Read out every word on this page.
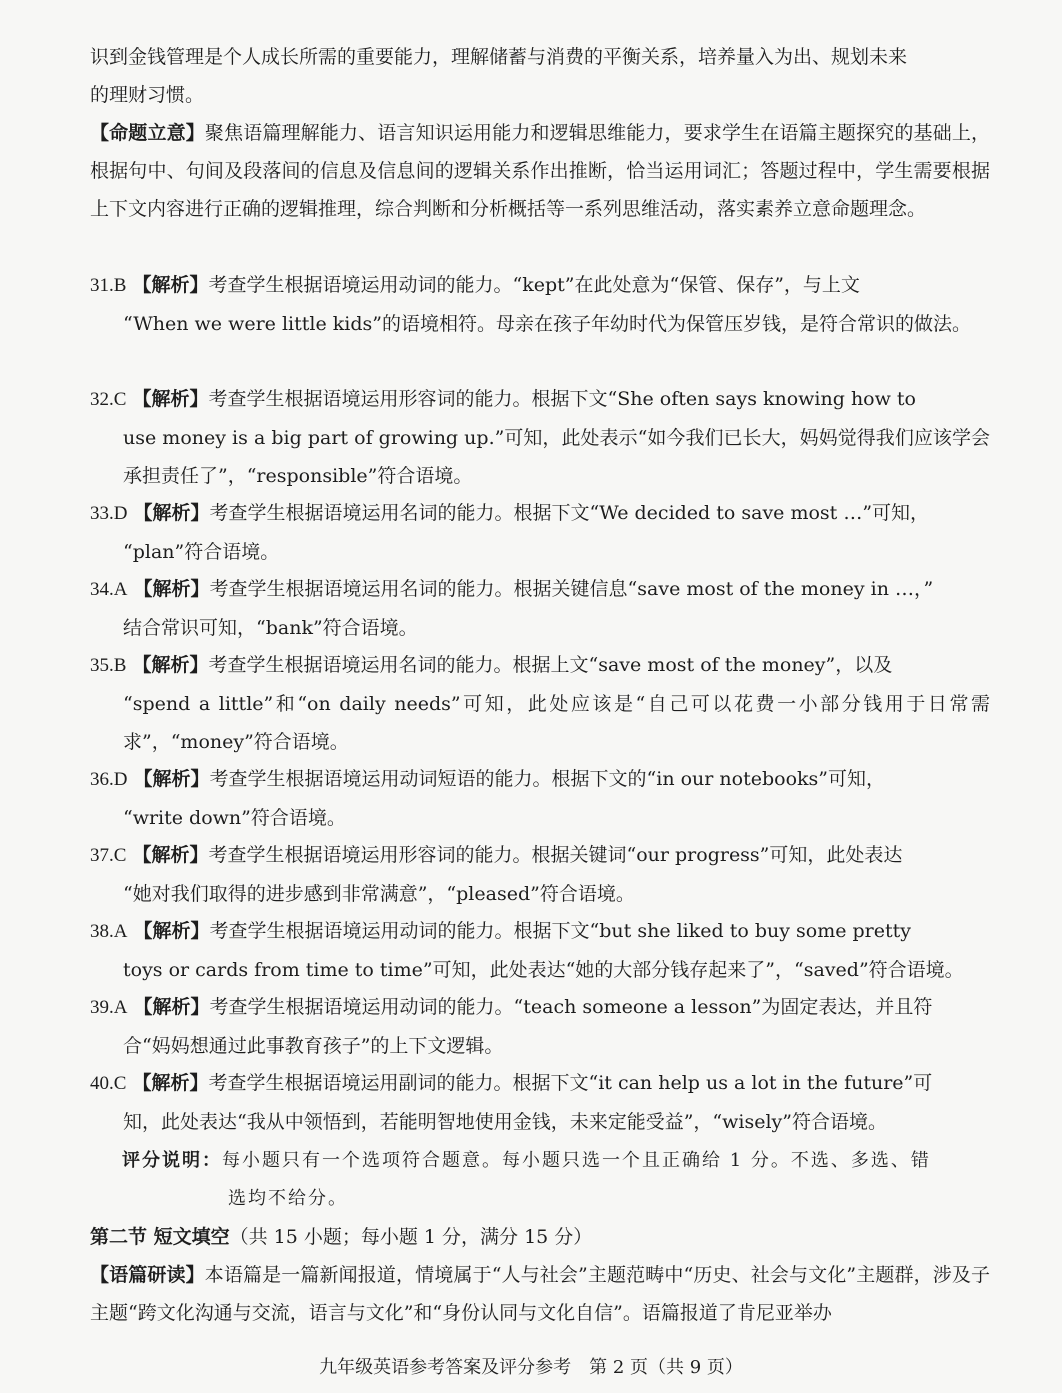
识到金钱管理是个人成长所需的重要能力，理解储蓄与消费的平衡关系，培养量入为出、规划未来
的理财习惯。
【命题立意】聚焦语篇理解能力、语言知识运用能力和逻辑思维能力，要求学生在语篇主题探究的基础上，根据句中、句间及段落间的信息及信息间的逻辑关系作出推断，恰当运用词汇；答题过程中，学生需要根据上下文内容进行正确的逻辑推理，综合判断和分析概括等一系列思维活动，落实素养立意命题理念。
31.B 【解析】考查学生根据语境运用动词的能力。“kept”在此处意为“保管、保存”，与上文
“When we were little kids”的语境相符。母亲在孩子年幼时代为保管压岁钱，是符合常识的做法。
32.C 【解析】考查学生根据语境运用形容词的能力。根据下文“She often says knowing how to
use money is a big part of growing up.”可知，此处表示“如今我们已长大，妈妈觉得我们应该学会承担责任了”，“responsible”符合语境。
33.D 【解析】考查学生根据语境运用名词的能力。根据下文“We decided to save most …”可知，
“plan”符合语境。
34.A 【解析】考查学生根据语境运用名词的能力。根据关键信息“save most of the money in …，”
结合常识可知，“bank”符合语境。
35.B 【解析】考查学生根据语境运用名词的能力。根据上文“save most of the money”，以及
“spend a little”和“on daily needs”可知，此处应该是“自己可以花费一小部分钱用于日常需求”，“money”符合语境。
36.D 【解析】考查学生根据语境运用动词短语的能力。根据下文的“in our notebooks”可知，
“write down”符合语境。
37.C 【解析】考查学生根据语境运用形容词的能力。根据关键词“our progress”可知，此处表达
“她对我们取得的进步感到非常满意”，“pleased”符合语境。
38.A 【解析】考查学生根据语境运用动词的能力。根据下文“but she liked to buy some pretty
toys or cards from time to time”可知，此处表达“她的大部分钱存起来了”，“saved”符合语境。
39.A 【解析】考查学生根据语境运用动词的能力。“teach someone a lesson”为固定表达，并且符
合“妈妈想通过此事教育孩子”的上下文逻辑。
40.C 【解析】考查学生根据语境运用副词的能力。根据下文“it can help us a lot in the future”可
知，此处表达“我从中领悟到，若能明智地使用金钱，未来定能受益”，“wisely”符合语境。
评分说明：每小题只有一个选项符合题意。每小题只选一个且正确给 1 分。不选、多选、错
选均不给分。
第二节 短文填空（共 15 小题；每小题 1 分，满分 15 分）
【语篇研读】本语篇是一篇新闻报道，情境属于“人与社会”主题范畴中“历史、社会与文化”主题群，涉及子主题“跨文化沟通与交流，语言与文化”和“身份认同与文化自信”。语篇报道了肯尼亚举办
九年级英语参考答案及评分参考　第 2 页（共 9 页）
